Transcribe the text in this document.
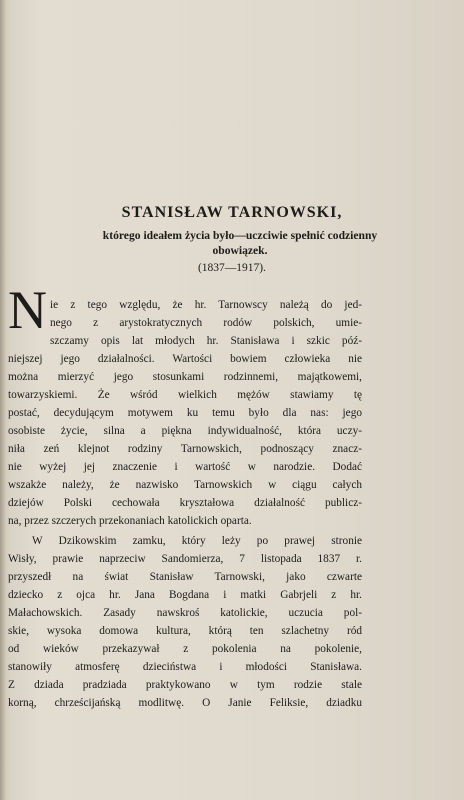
STANISŁAW TARNOWSKI,
którego ideałem życia było—uczciwie spełnić codzienny
obowiązek.
(1837—1917).
N ie z tego względu, że hr. Tarnowscy należą do jed-
nego z arystokratycznych rodów polskich, umie-
szczamy opis lat młodych hr. Stanisława i szkic póź-
niejszej jego działalności. Wartości bowiem człowieka nie
można mierzyć jego stosunkami rodzinnemi, majątkowemi,
towarzyskiemi. Że wśród wielkich mężów stawiamy tę
postać, decydującym motywem ku temu było dla nas: jego
osobiste życie, silna a piękna indywidualność, która uczy-
niła zeń klejnot rodziny Tarnowskich, podnoszący znacz-
nie wyżej jej znaczenie i wartość w narodzie. Dodać
wszakże należy, że nazwisko Tarnowskich w ciągu całych
dziejów Polski cechowała kryształowa działalność publicz-
na, przez szczerych przekonaniach katolickich oparta.
W Dzikowskim zamku, który leży po prawej stronie
Wisły, prawie naprzeciw Sandomierza, 7 listopada 1837 r.
przyszedł na świat Stanisław Tarnowski, jako czwarte
dziecko z ojca hr. Jana Bogdana i matki Gabrjeli z hr.
Małachowskich. Zasady nawskroś katolickie, uczucia pol-
skie, wysoka domowa kultura, którą ten szlachetny ród
od wieków przekazywał z pokolenia na pokolenie,
stanowiły atmosferę dzieciństwa i młodości Stanisława.
Z dziada pradziada praktykowano w tym rodzie stale
korną, chrześcijańską modlitwę. O Janie Feliksie, dziadku
